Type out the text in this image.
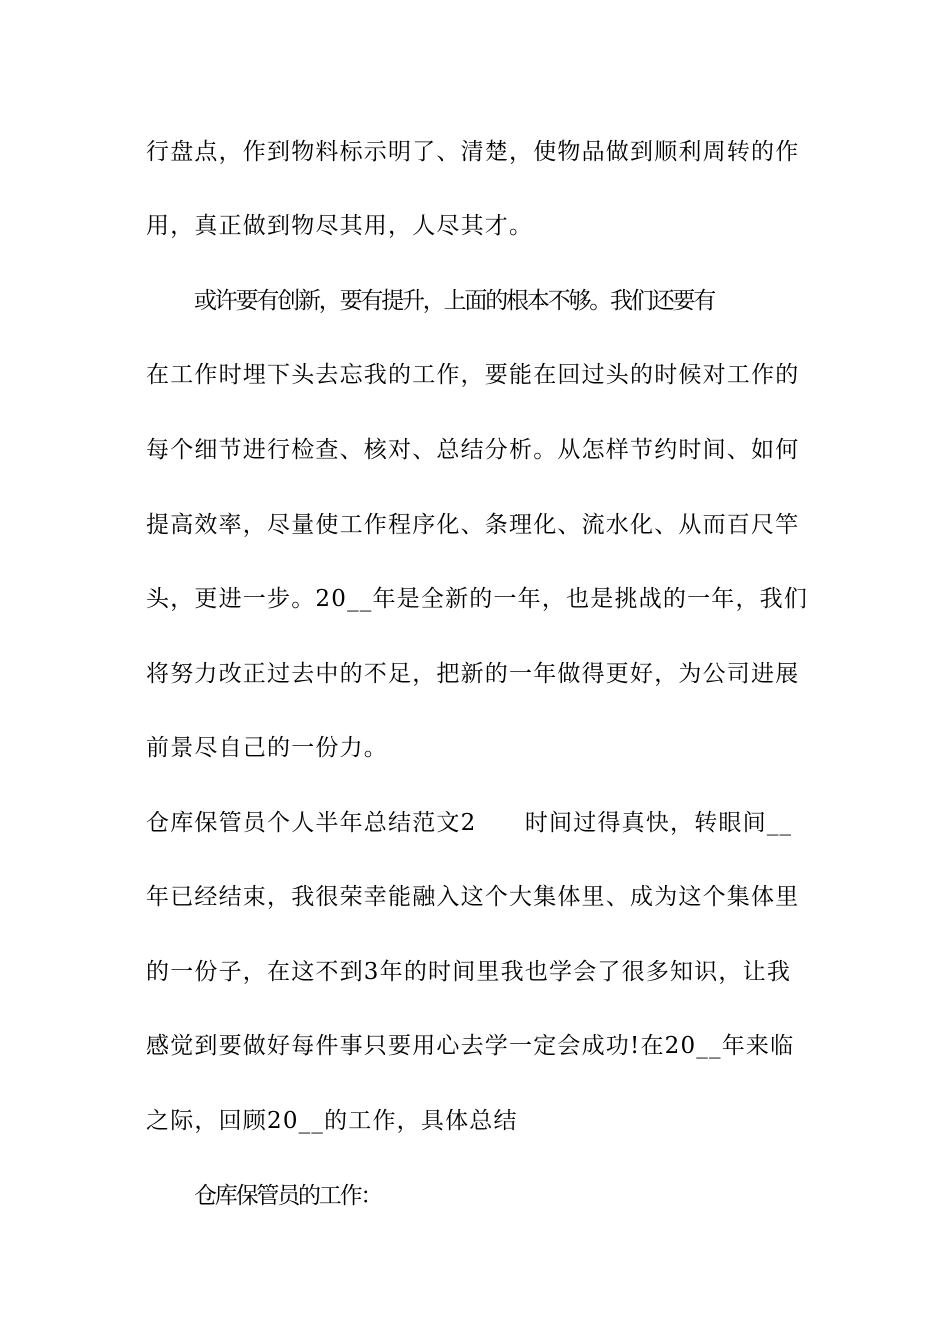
行盘点，作到物料标示明了、清楚，使物品做到顺利周转的作
用，真正做到物尽其用，人尽其才。
或许要有创新，要有提升，上面的根本不够。我们还要有
在工作时埋下头去忘我的工作，要能在回过头的时候对工作的
每个细节进行检查、核对、总结分析。从怎样节约时间、如何
提高效率，尽量使工作程序化、条理化、流水化、从而百尺竿
头，更进一步。20__年是全新的一年，也是挑战的一年，我们
将努力改正过去中的不足，把新的一年做得更好，为公司进展
前景尽自己的一份力。
仓库保管员个人半年总结范文2　　时间过得真快，转眼间__
年已经结束，我很荣幸能融入这个大集体里、成为这个集体里
的一份子，在这不到3年的时间里我也学会了很多知识，让我
感觉到要做好每件事只要用心去学一定会成功!在20__年来临
之际，回顾20__的工作，具体总结
仓库保管员的工作：
